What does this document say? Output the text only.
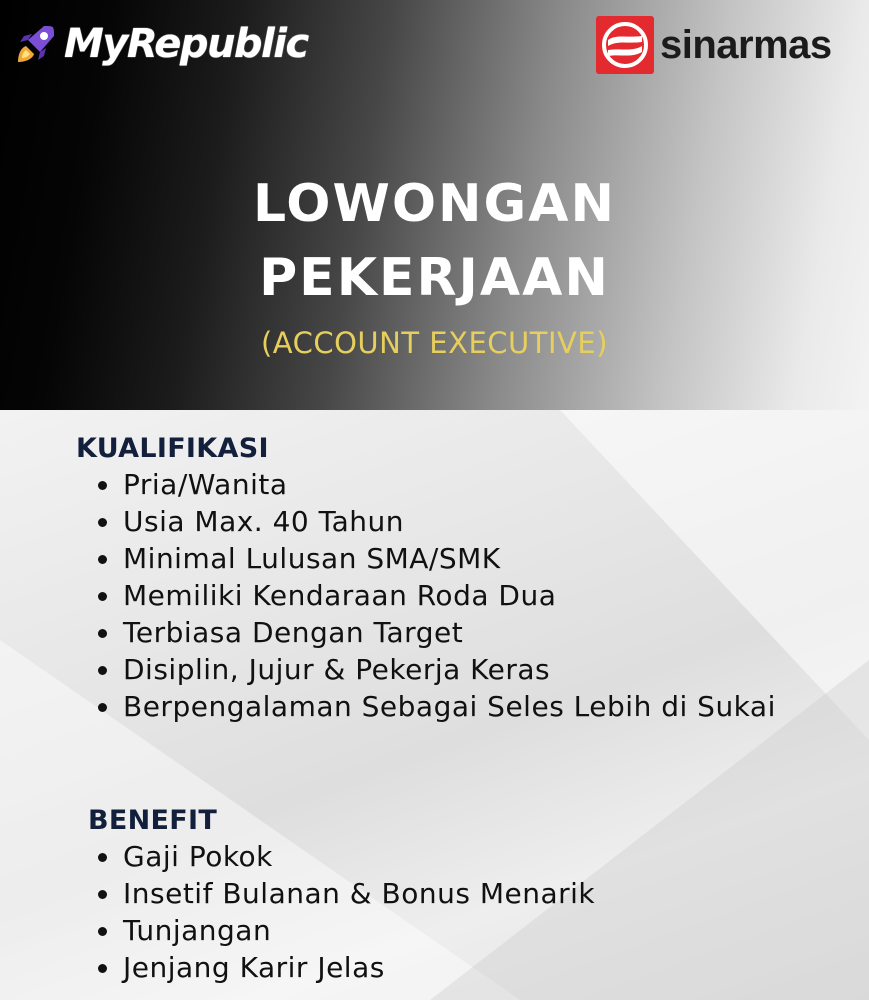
MyRepublic	sinarmas
LOWONGAN
PEKERJAAN
(ACCOUNT EXECUTIVE)
KUALIFIKASI
Pria/Wanita
Usia Max. 40 Tahun
Minimal Lulusan SMA/SMK
Memiliki Kendaraan Roda Dua
Terbiasa Dengan Target
Disiplin, Jujur & Pekerja Keras
Berpengalaman Sebagai Seles Lebih di Sukai
BENEFIT
Gaji Pokok
Insetif Bulanan & Bonus Menarik
Tunjangan
Jenjang Karir Jelas
